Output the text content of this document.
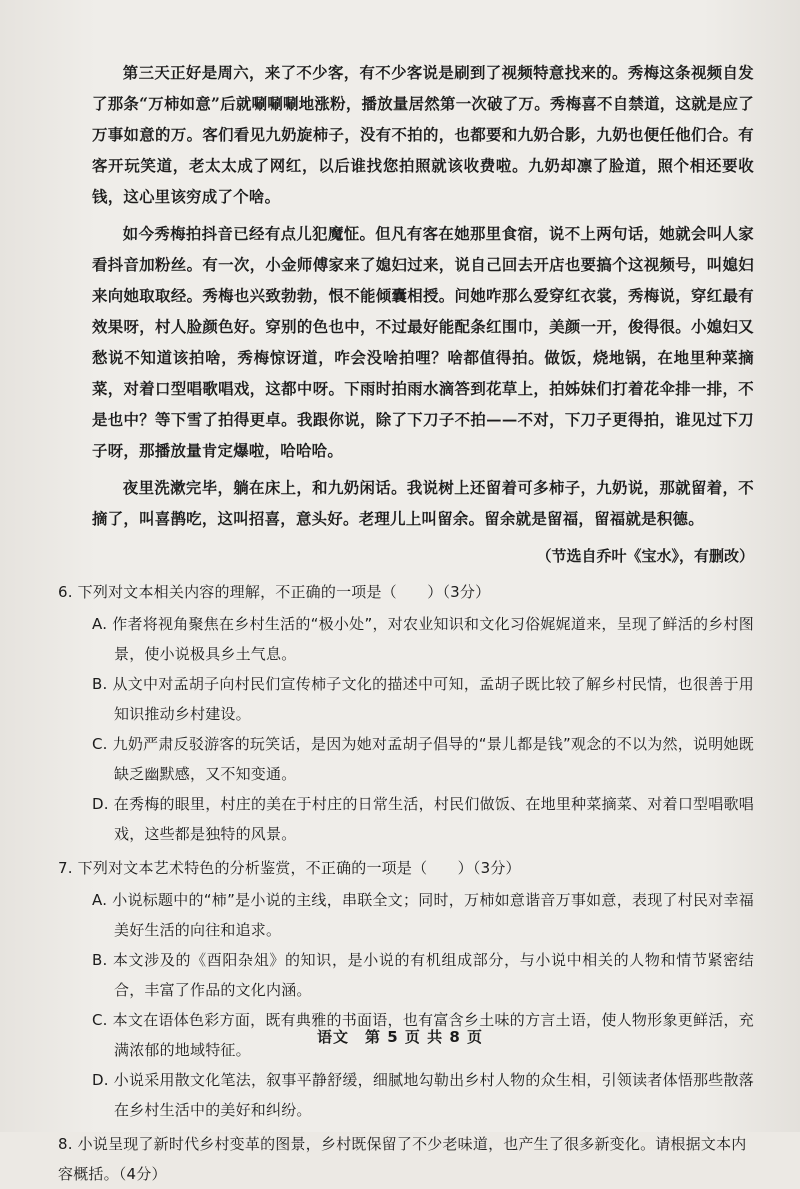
第三天正好是周六，来了不少客，有不少客说是刷到了视频特意找来的。秀梅这条视频自发了那条“万柿如意”后就唰唰唰地涨粉，播放量居然第一次破了万。秀梅喜不自禁道，这就是应了万事如意的万。客们看见九奶旋柿子，没有不拍的，也都要和九奶合影，九奶也便任他们合。有客开玩笑道，老太太成了网红，以后谁找您拍照就该收费啦。九奶却凛了脸道，照个相还要收钱，这心里该穷成了个啥。

如今秀梅拍抖音已经有点儿犯魔怔。但凡有客在她那里食宿，说不上两句话，她就会叫人家看抖音加粉丝。有一次，小金师傅家来了媳妇过来，说自己回去开店也要搞个这视频号，叫媳妇来向她取取经。秀梅也兴致勃勃，恨不能倾囊相授。问她咋那么爱穿红衣裳，秀梅说，穿红最有效果呀，村人脸颜色好。穿别的色也中，不过最好能配条红围巾，美颜一开，俊得很。小媳妇又愁说不知道该拍啥，秀梅惊讶道，咋会没啥拍哩？啥都值得拍。做饭，烧地锅，在地里种菜摘菜，对着口型唱歌唱戏，这都中呀。下雨时拍雨水滴答到花草上，拍姊妹们打着花伞排一排，不是也中？等下雪了拍得更卓。我跟你说，除了下刀子不拍——不对，下刀子更得拍，谁见过下刀子呀，那播放量肯定爆啦，哈哈哈。

夜里洗漱完毕，躺在床上，和九奶闲话。我说树上还留着可多柿子，九奶说，那就留着，不摘了，叫喜鹊吃，这叫招喜，意头好。老理儿上叫留余。留余就是留福，留福就是积德。

（节选自乔叶《宝水》，有删改）
6. 下列对文本相关内容的理解，不正确的一项是（　　）（3分）
A. 作者将视角聚焦在乡村生活的“极小处”，对农业知识和文化习俗娓娓道来，呈现了鲜活的乡村图景，使小说极具乡土气息。
B. 从文中对孟胡子向村民们宣传柿子文化的描述中可知，孟胡子既比较了解乡村民情，也很善于用知识推动乡村建设。
C. 九奶严肃反驳游客的玩笑话，是因为她对孟胡子倡导的“景儿都是钱”观念的不以为然，说明她既缺乏幽默感，又不知变通。
D. 在秀梅的眼里，村庄的美在于村庄的日常生活，村民们做饭、在地里种菜摘菜、对着口型唱歌唱戏，这些都是独特的风景。
7. 下列对文本艺术特色的分析鉴赏，不正确的一项是（　　）（3分）
A. 小说标题中的“柿”是小说的主线，串联全文；同时，万柿如意谐音万事如意，表现了村民对幸福美好生活的向往和追求。
B. 本文涉及的《酉阳杂俎》的知识，是小说的有机组成部分，与小说中相关的人物和情节紧密结合，丰富了作品的文化内涵。
C. 本文在语体色彩方面，既有典雅的书面语，也有富含乡土味的方言土语，使人物形象更鲜活，充满浓郁的地域特征。
D. 小说采用散文化笔法，叙事平静舒缓，细腻地勾勒出乡村人物的众生相，引领读者体悟那些散落在乡村生活中的美好和纠纷。
8. 小说呈现了新时代乡村变革的图景，乡村既保留了不少老味道，也产生了很多新变化。请根据文本内容概括。（4分）
语文　第 5 页 共 8 页
